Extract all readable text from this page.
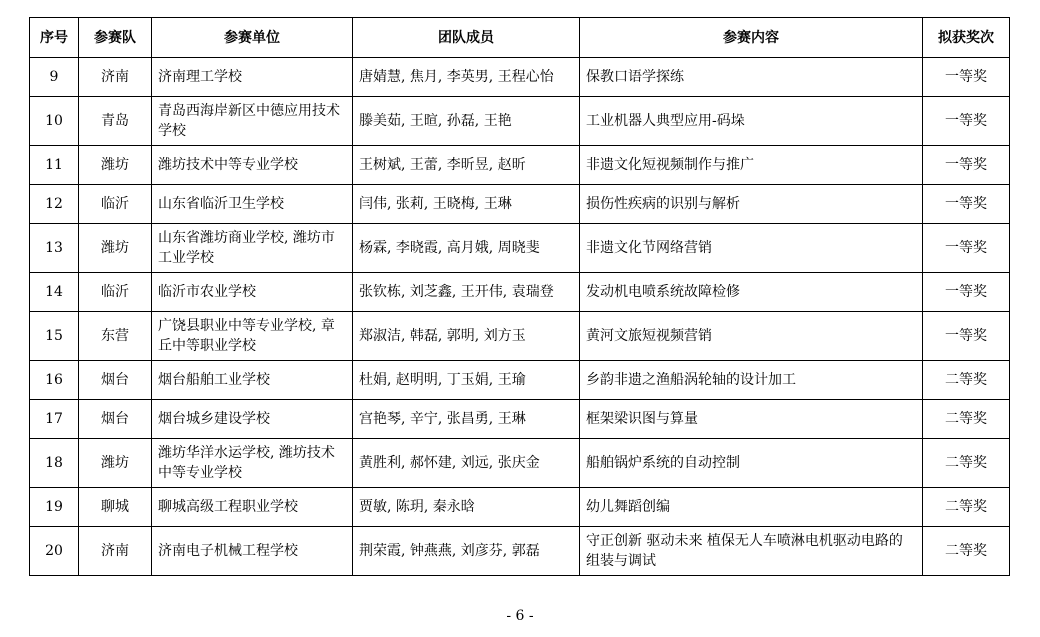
序号	参赛队	参赛单位	团队成员	参赛内容	拟获奖次
9	济南	济南理工学校	唐婧慧, 焦月, 李英男, 王程心怡	保教口语学探练	一等奖
10	青岛	青岛西海岸新区中德应用技术学校	滕美茹, 王暄, 孙磊, 王艳	工业机器人典型应用-码垛	一等奖
11	潍坊	潍坊技术中等专业学校	王树斌, 王蕾, 李昕昱, 赵昕	非遗文化短视频制作与推广	一等奖
12	临沂	山东省临沂卫生学校	闫伟, 张莉, 王晓梅, 王琳	损伤性疾病的识别与解析	一等奖
13	潍坊	山东省潍坊商业学校, 潍坊市工业学校	杨霖, 李晓霞, 高月娥, 周晓斐	非遗文化节网络营销	一等奖
14	临沂	临沂市农业学校	张钦栋, 刘芝鑫, 王开伟, 袁瑞登	发动机电喷系统故障检修	一等奖
15	东营	广饶县职业中等专业学校, 章丘中等职业学校	郑淑洁, 韩磊, 郭明, 刘方玉	黄河文旅短视频营销	一等奖
16	烟台	烟台船舶工业学校	杜娟, 赵明明, 丁玉娟, 王瑜	乡韵非遗之渔船涡轮轴的设计加工	二等奖
17	烟台	烟台城乡建设学校	宫艳琴, 辛宁, 张昌勇, 王琳	框架梁识图与算量	二等奖
18	潍坊	潍坊华洋水运学校, 潍坊技术中等专业学校	黄胜利, 郝怀建, 刘远, 张庆金	船舶锅炉系统的自动控制	二等奖
19	聊城	聊城高级工程职业学校	贾敏, 陈玥, 秦永晗	幼儿舞蹈创编	二等奖
20	济南	济南电子机械工程学校	荆荣霞, 钟燕燕, 刘彦芬, 郭磊	守正创新 驱动未来 植保无人车喷淋电机驱动电路的组装与调试	二等奖
- 6 -
